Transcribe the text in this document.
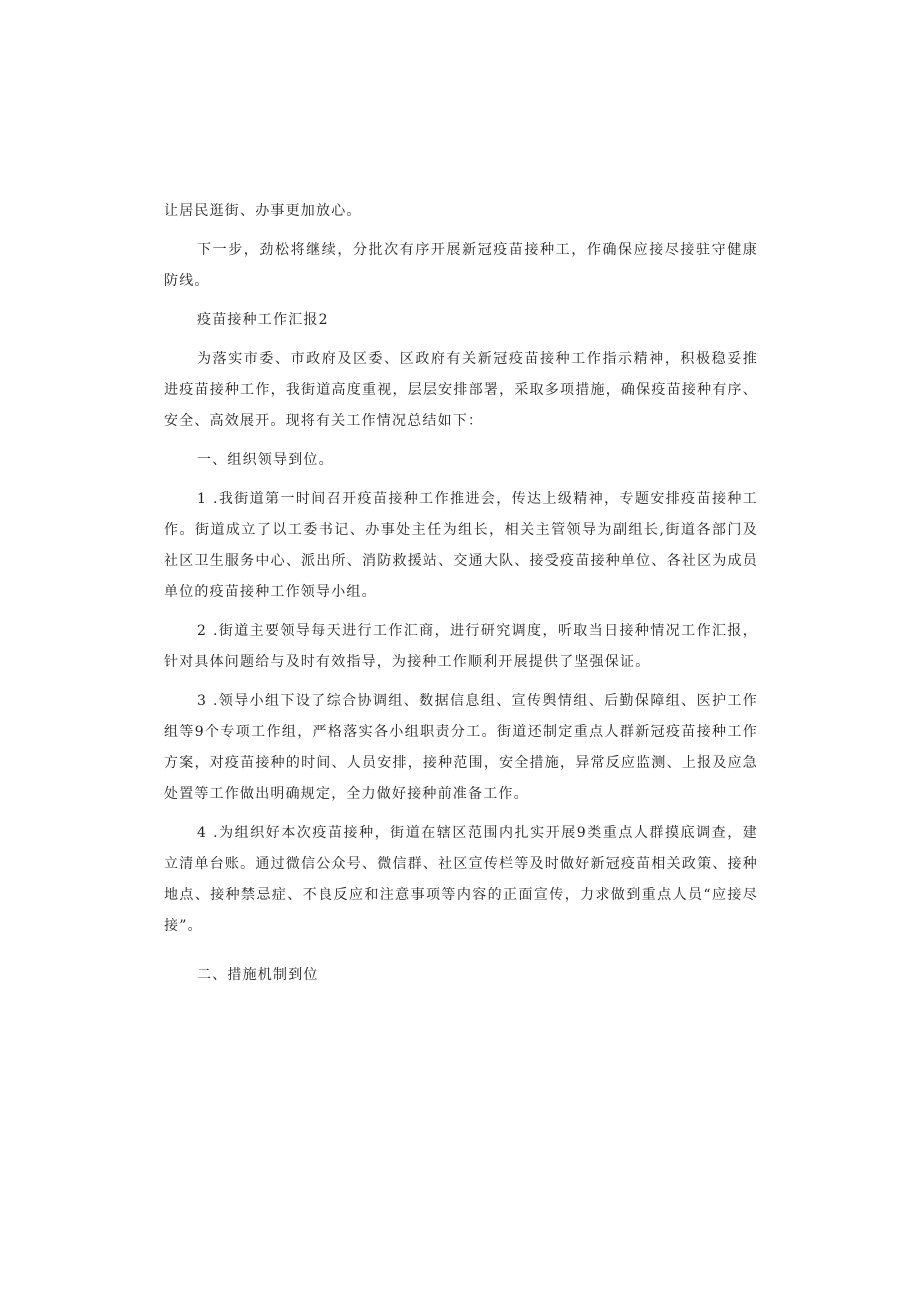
让居民逛街、办事更加放心。

下一步，劲松将继续，分批次有序开展新冠疫苗接种工，作确保应接尽接驻守健康防线。

疫苗接种工作汇报2

为落实市委、市政府及区委、区政府有关新冠疫苗接种工作指示精神，积极稳妥推进疫苗接种工作，我街道高度重视，层层安排部署，采取多项措施，确保疫苗接种有序、安全、高效展开。现将有关工作情况总结如下：

一、组织领导到位。

1 .我街道第一时间召开疫苗接种工作推进会，传达上级精神，专题安排疫苗接种工作。街道成立了以工委书记、办事处主任为组长，相关主管领导为副组长,街道各部门及社区卫生服务中心、派出所、消防救援站、交通大队、接受疫苗接种单位、各社区为成员单位的疫苗接种工作领导小组。

2 .街道主要领导每天进行工作汇商，进行研究调度，听取当日接种情况工作汇报，针对具体问题给与及时有效指导，为接种工作顺利开展提供了坚强保证。

3 .领导小组下设了综合协调组、数据信息组、宣传舆情组、后勤保障组、医护工作组等9个专项工作组，严格落实各小组职责分工。街道还制定重点人群新冠疫苗接种工作方案，对疫苗接种的时间、人员安排，接种范围，安全措施，异常反应监测、上报及应急处置等工作做出明确规定，全力做好接种前准备工作。

4 .为组织好本次疫苗接种，街道在辖区范围内扎实开展9类重点人群摸底调查，建立清单台账。通过微信公众号、微信群、社区宣传栏等及时做好新冠疫苗相关政策、接种地点、接种禁忌症、不良反应和注意事项等内容的正面宣传，力求做到重点人员“应接尽接”。

二、措施机制到位
